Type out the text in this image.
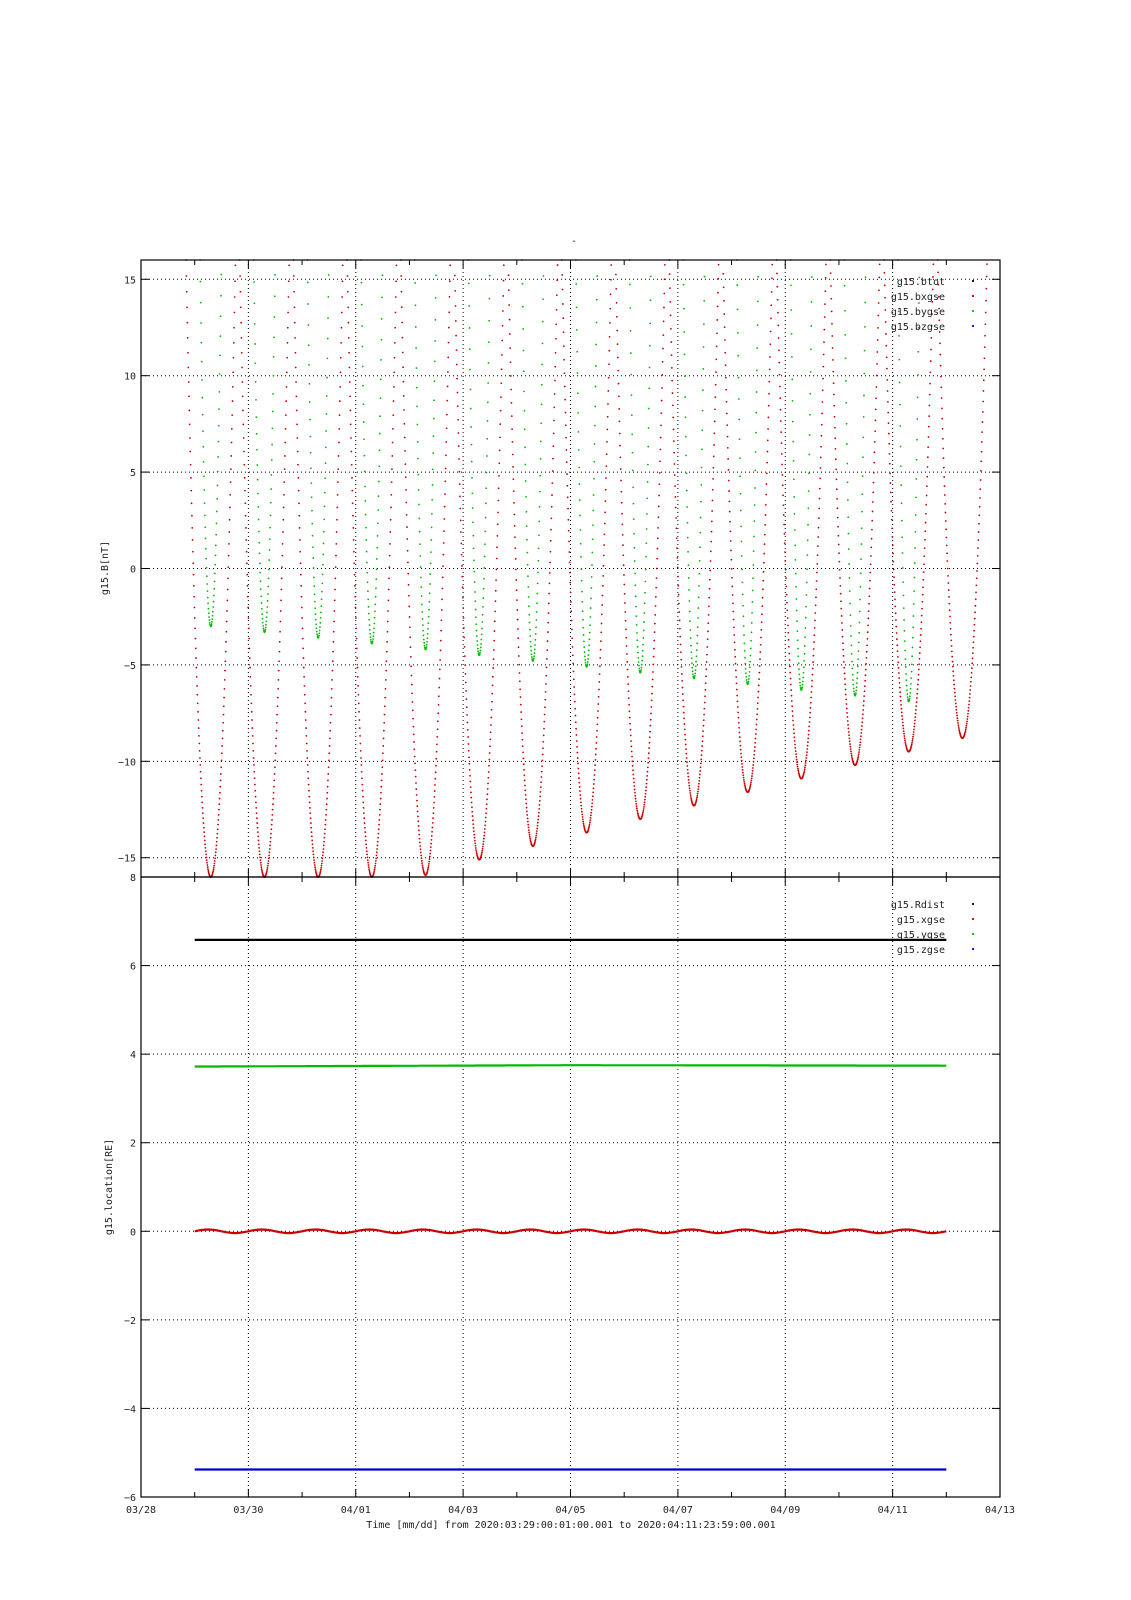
-
15
10
5
0
−5
−10
−15
g15.B[nT]
g15.btot
g15.bxgse
g15.bygse
g15.bzgse
8
6
4
2
0
−2
−4
−6
g15.location[RE]
g15.Rdist
g15.xgse
g15.ygse
g15.zgse
03/28	03/30	04/01	04/03	04/05	04/07	04/09	04/11	04/13
Time [mm/dd] from 2020:03:29:00:01:00.001 to 2020:04:11:23:59:00.001
